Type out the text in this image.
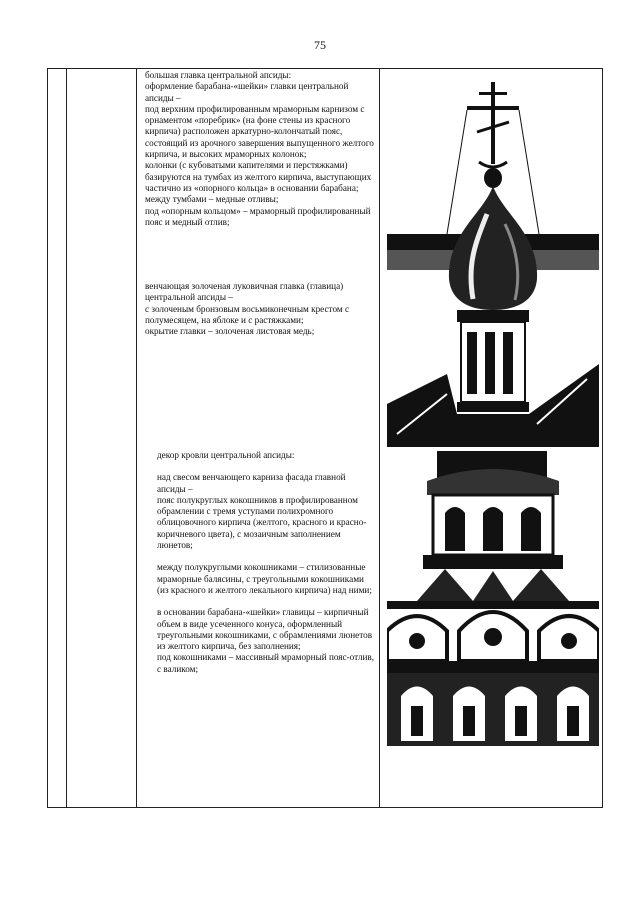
75

большая главка центральной апсиды:
оформление барабана-«шейки» главки центральной апсиды –
под верхним профилированным мраморным карнизом с орнаментом «поребрик» (на фоне стены из красного кирпича) расположен аркатурно-колончатый пояс, состоящий из арочного завершения выпущенного желтого кирпича, и высоких мраморных колонок;
колонки (с кубоватыми капителями и перстяжками) базируются на тумбах из желтого кирпича, выступающих частично из «опорного кольца» в основании барабана;
между тумбами – медные отливы;
под «опорным кольцом» – мраморный профилированный пояс и медный отлив;

венчающая золоченая луковичная главка (главица) центральной апсиды –
с золоченым бронзовым восьмиконечным крестом с полумесяцем, на яблоке и с растяжками;
окрытие главки – золоченая листовая медь;

декор кровли центральной апсиды:

над свесом венчающего карниза фасада главной апсиды –
пояс полукруглых кокошников в профилированном обрамлении с тремя уступами полихромного облицовочного кирпича (желтого, красного и красно-коричневого цвета), с мозаичным заполнением люнетов;

между полукруглыми кокошниками – стилизованные мраморные балясины, с треугольными кокошниками (из красного и желтого лекального кирпича) над ними;

в основании барабана-«шейки» главицы – кирпичный объем в виде усеченного конуса, оформленный треугольными кокошниками, с обрамлениями люнетов из желтого кирпича, без заполнения;
под кокошниками – массивный мраморный пояс-отлив, с валиком;
